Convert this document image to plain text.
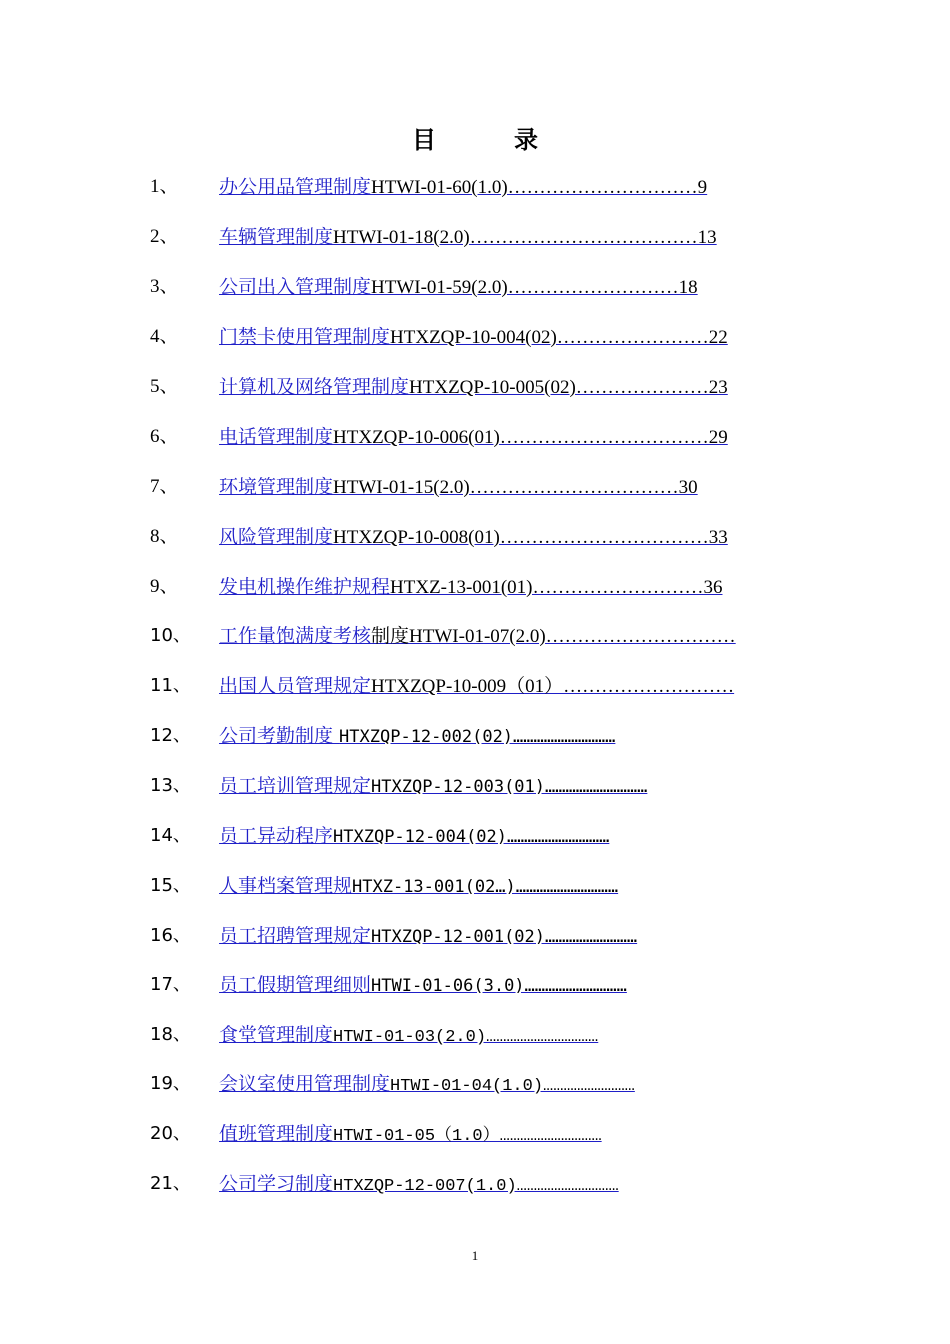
目	录
1、 办公用品管理制度HTWI-01-60(1.0)…………………………9
2、 车辆管理制度HTWI-01-18(2.0)………………………………13
3、 公司出入管理制度HTWI-01-59(2.0)………………………18
4、 门禁卡使用管理制度HTXZQP-10-004(02)……………………22
5、 计算机及网络管理制度HTXZQP-10-005(02)…………………23
6、 电话管理制度HTXZQP-10-006(01)……………………………29
7、 环境管理制度HTWI-01-15(2.0)……………………………30
8、 风险管理制度HTXZQP-10-008(01)……………………………33
9、 发电机操作维护规程HTXZ-13-001(01)………………………36
10、 工作量饱满度考核制度HTWI-01-07(2.0)…………………………
11、 出国人员管理规定HTXZQP-10-009（01）………………………
12、 公司考勤制度 HTXZQP-12-002(02)…………………………
13、 员工培训管理规定HTXZQP-12-003(01)…………………………
14、 员工异动程序HTXZQP-12-004(02)…………………………
15、 人事档案管理规HTXZ-13-001(02…)…………………………
16、 员工招聘管理规定HTXZQP-12-001(02)………………………
17、 员工假期管理细则HTWI-01-06(3.0)…………………………
18、 食堂管理制度HTWI-01-03(2.0)……………………………
19、 会议室使用管理制度HTWI-01-04(1.0)………………………
20、 值班管理制度HTWI-01-05（1.0）…………………………
21、 公司学习制度HTXZQP-12-007(1.0)…………………………
1
